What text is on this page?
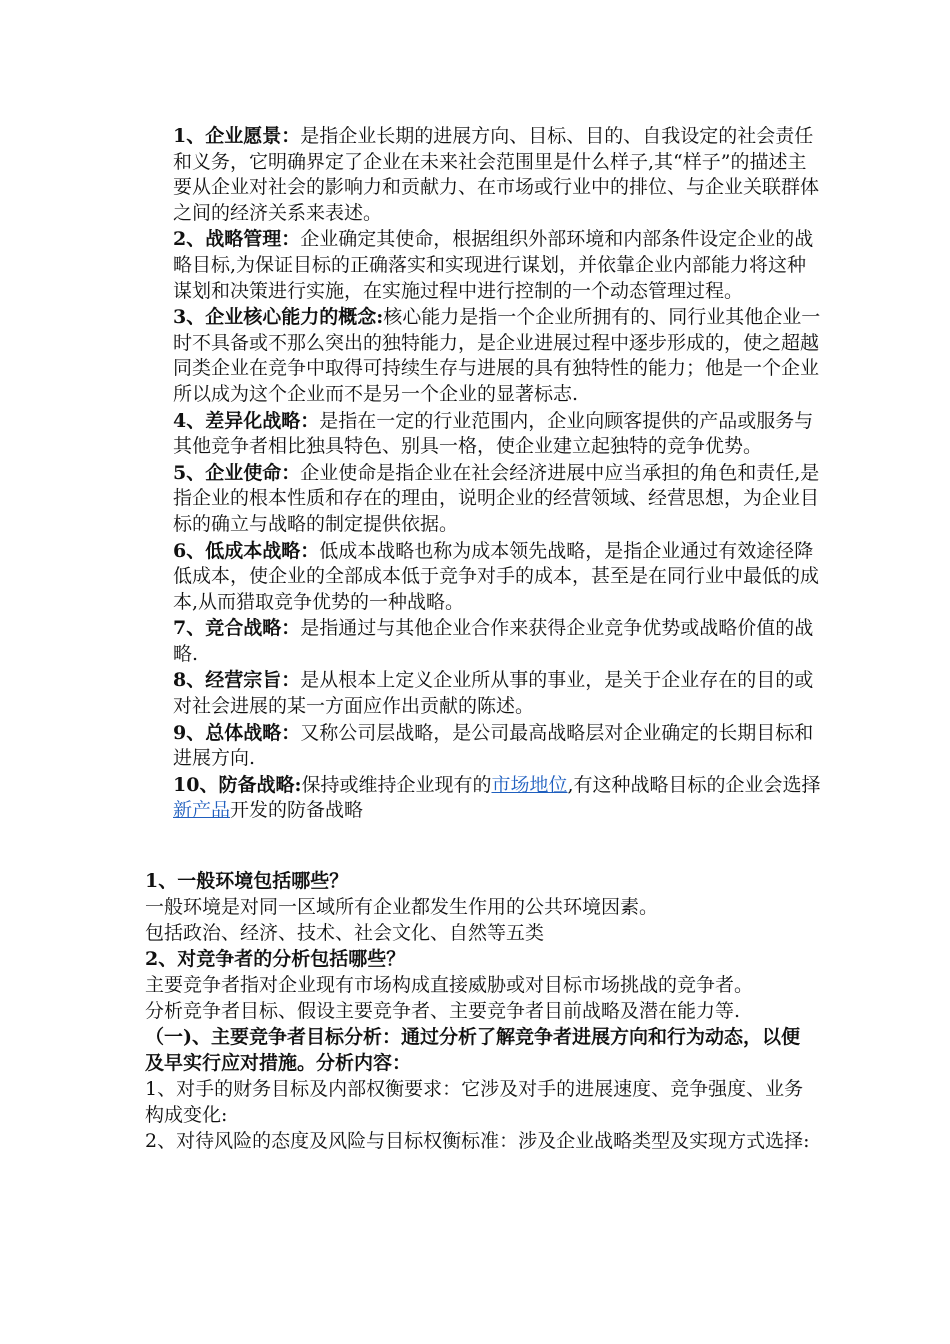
1、企业愿景：是指企业长期的进展方向、目标、目的、自我设定的社会责任和义务，它明确界定了企业在未来社会范围里是什么样子,其“样子”的描述主要从企业对社会的影响力和贡献力、在市场或行业中的排位、与企业关联群体之间的经济关系来表述。

2、战略管理：企业确定其使命，根据组织外部环境和内部条件设定企业的战略目标,为保证目标的正确落实和实现进行谋划，并依靠企业内部能力将这种谋划和决策进行实施，在实施过程中进行控制的一个动态管理过程。

3、企业核心能力的概念:核心能力是指一个企业所拥有的、同行业其他企业一时不具备或不那么突出的独特能力，是企业进展过程中逐步形成的，使之超越同类企业在竞争中取得可持续生存与进展的具有独特性的能力；他是一个企业所以成为这个企业而不是另一个企业的显著标志.

4、差异化战略：是指在一定的行业范围内，企业向顾客提供的产品或服务与其他竞争者相比独具特色、别具一格，使企业建立起独特的竞争优势。

5、企业使命：企业使命是指企业在社会经济进展中应当承担的角色和责任,是指企业的根本性质和存在的理由，说明企业的经营领域、经营思想，为企业目标的确立与战略的制定提供依据。

6、低成本战略：低成本战略也称为成本领先战略，是指企业通过有效途径降低成本，使企业的全部成本低于竞争对手的成本，甚至是在同行业中最低的成本,从而猎取竞争优势的一种战略。

7、竞合战略：是指通过与其他企业合作来获得企业竞争优势或战略价值的战略.

8、经营宗旨：是从根本上定义企业所从事的事业，是关于企业存在的目的或对社会进展的某一方面应作出贡献的陈述。

9、总体战略：又称公司层战略，是公司最高战略层对企业确定的长期目标和进展方向.

10、防备战略:保持或维持企业现有的市场地位,有这种战略目标的企业会选择新产品开发的防备战略

1、一般环境包括哪些？

一般环境是对同一区域所有企业都发生作用的公共环境因素。

包括政治、经济、技术、社会文化、自然等五类

2、对竞争者的分析包括哪些？

主要竞争者指对企业现有市场构成直接威胁或对目标市场挑战的竞争者。

分析竞争者目标、假设主要竞争者、主要竞争者目前战略及潜在能力等.

（一)、主要竞争者目标分析：通过分析了解竞争者进展方向和行为动态，以便及早实行应对措施。分析内容：

1、对手的财务目标及内部权衡要求：它涉及对手的进展速度、竞争强度、业务构成变化:

2、对待风险的态度及风险与目标权衡标准：涉及企业战略类型及实现方式选择:
